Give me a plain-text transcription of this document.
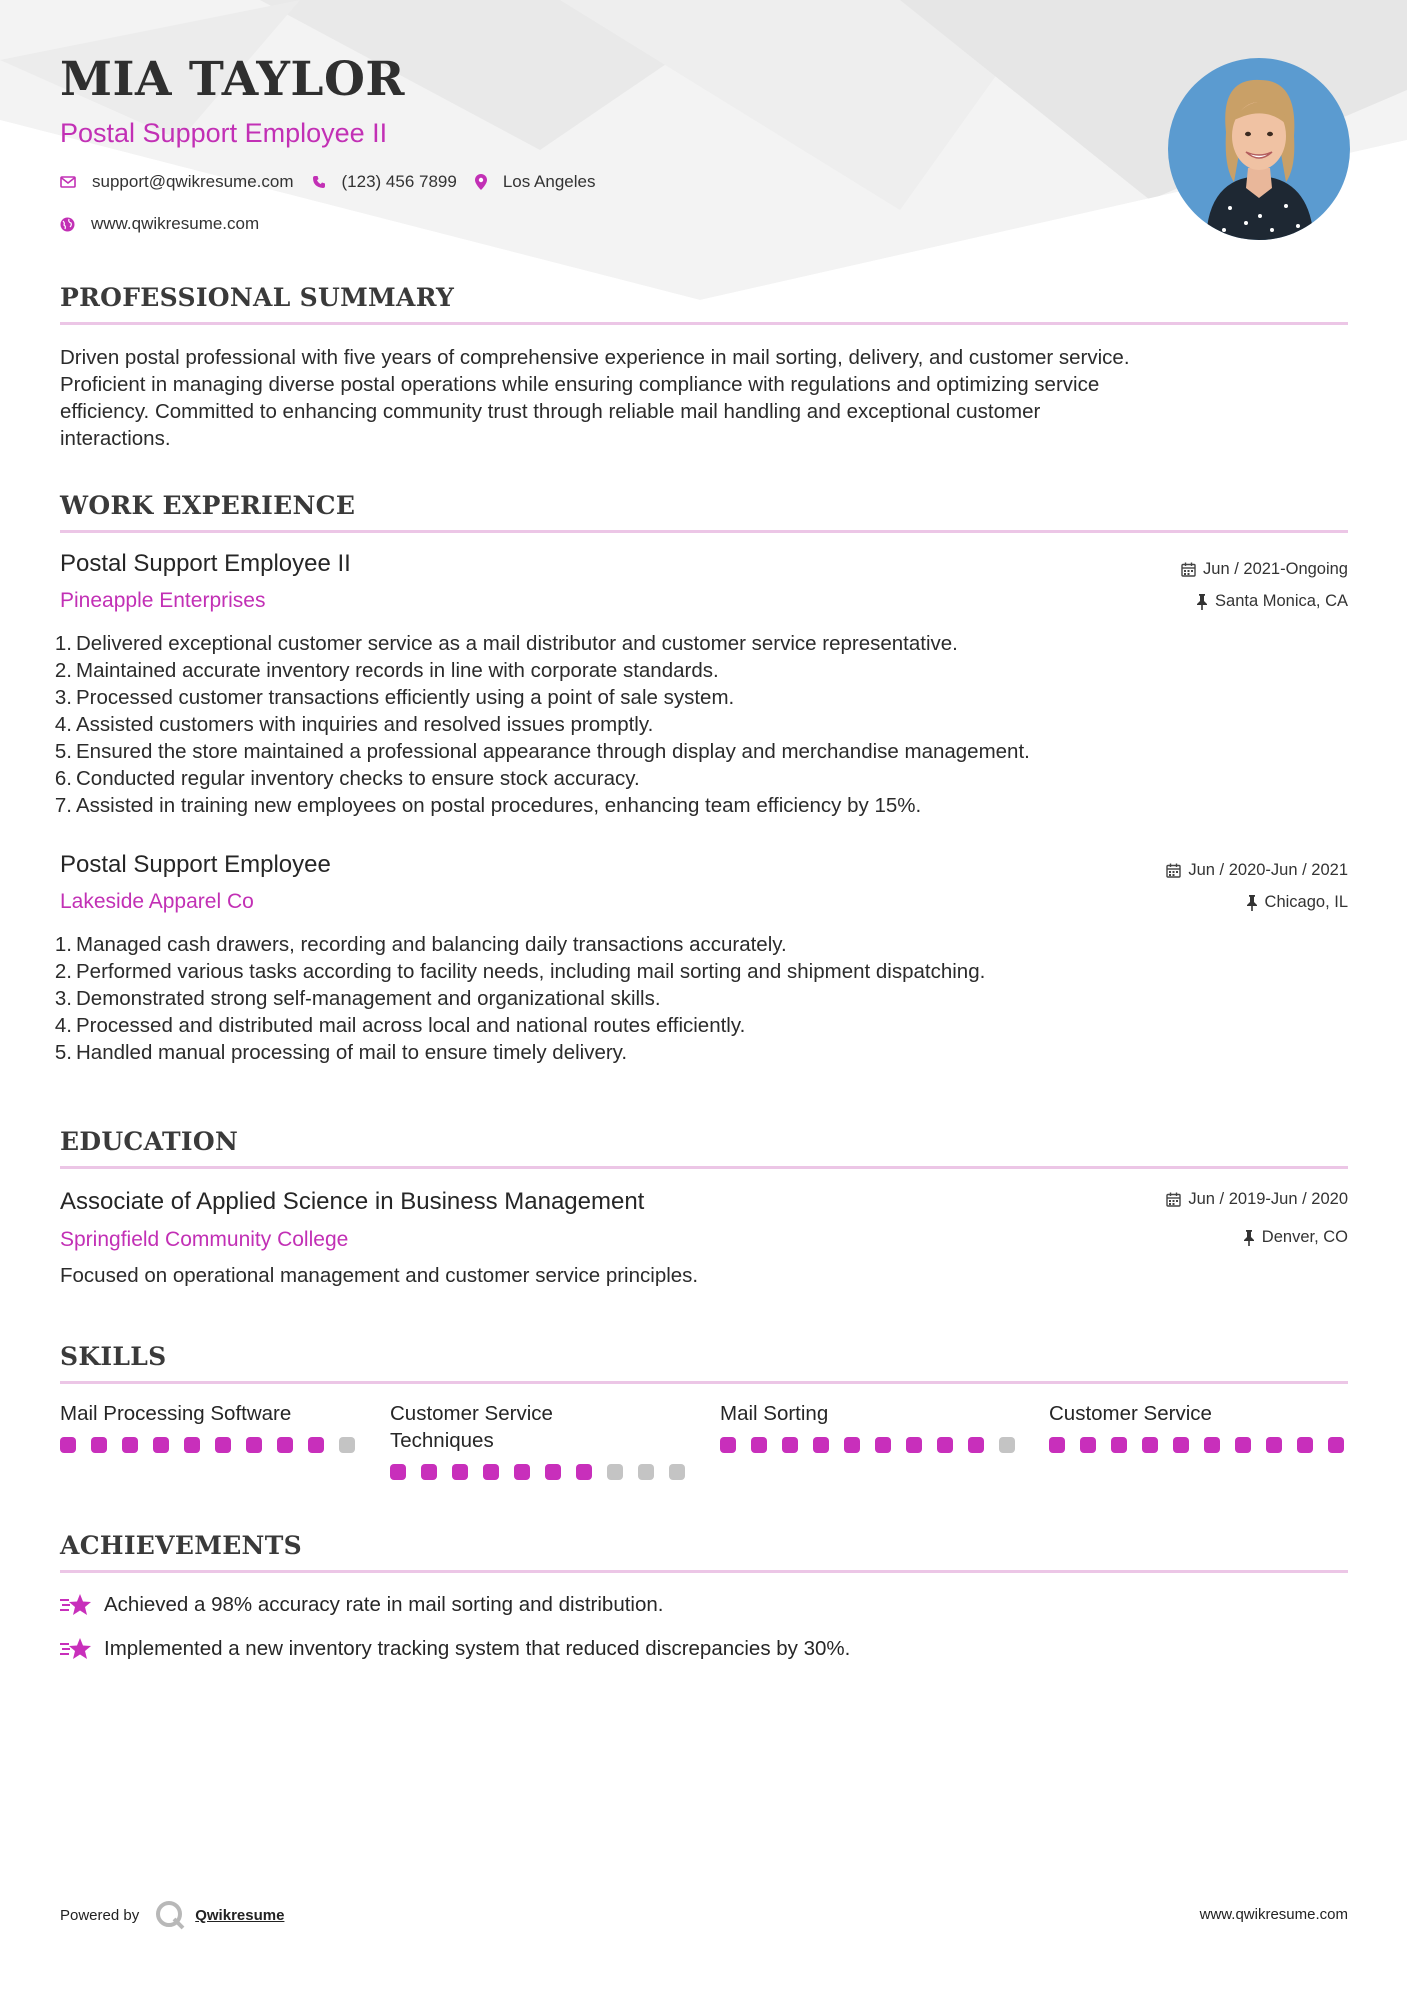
MIA TAYLOR
Postal Support Employee II
support@qwikresume.com	(123) 456 7899	Los Angeles
www.qwikresume.com
PROFESSIONAL SUMMARY
Driven postal professional with five years of comprehensive experience in mail sorting, delivery, and customer service.
Proficient in managing diverse postal operations while ensuring compliance with regulations and optimizing service
efficiency. Committed to enhancing community trust through reliable mail handling and exceptional customer
interactions.
WORK EXPERIENCE
Postal Support Employee II
Pineapple Enterprises
Jun / 2021-Ongoing
Santa Monica, CA
1. Delivered exceptional customer service as a mail distributor and customer service representative.
2. Maintained accurate inventory records in line with corporate standards.
3. Processed customer transactions efficiently using a point of sale system.
4. Assisted customers with inquiries and resolved issues promptly.
5. Ensured the store maintained a professional appearance through display and merchandise management.
6. Conducted regular inventory checks to ensure stock accuracy.
7. Assisted in training new employees on postal procedures, enhancing team efficiency by 15%.
Postal Support Employee
Lakeside Apparel Co
Jun / 2020-Jun / 2021
Chicago, IL
1. Managed cash drawers, recording and balancing daily transactions accurately.
2. Performed various tasks according to facility needs, including mail sorting and shipment dispatching.
3. Demonstrated strong self-management and organizational skills.
4. Processed and distributed mail across local and national routes efficiently.
5. Handled manual processing of mail to ensure timely delivery.
EDUCATION
Associate of Applied Science in Business Management
Springfield Community College
Jun / 2019-Jun / 2020
Denver, CO
Focused on operational management and customer service principles.
SKILLS
Mail Processing Software	Customer Service
Techniques
Mail Sorting	Customer Service
ACHIEVEMENTS
Achieved a 98% accuracy rate in mail sorting and distribution.
Implemented a new inventory tracking system that reduced discrepancies by 30%.
Powered by	Qwikresume	www.qwikresume.com
